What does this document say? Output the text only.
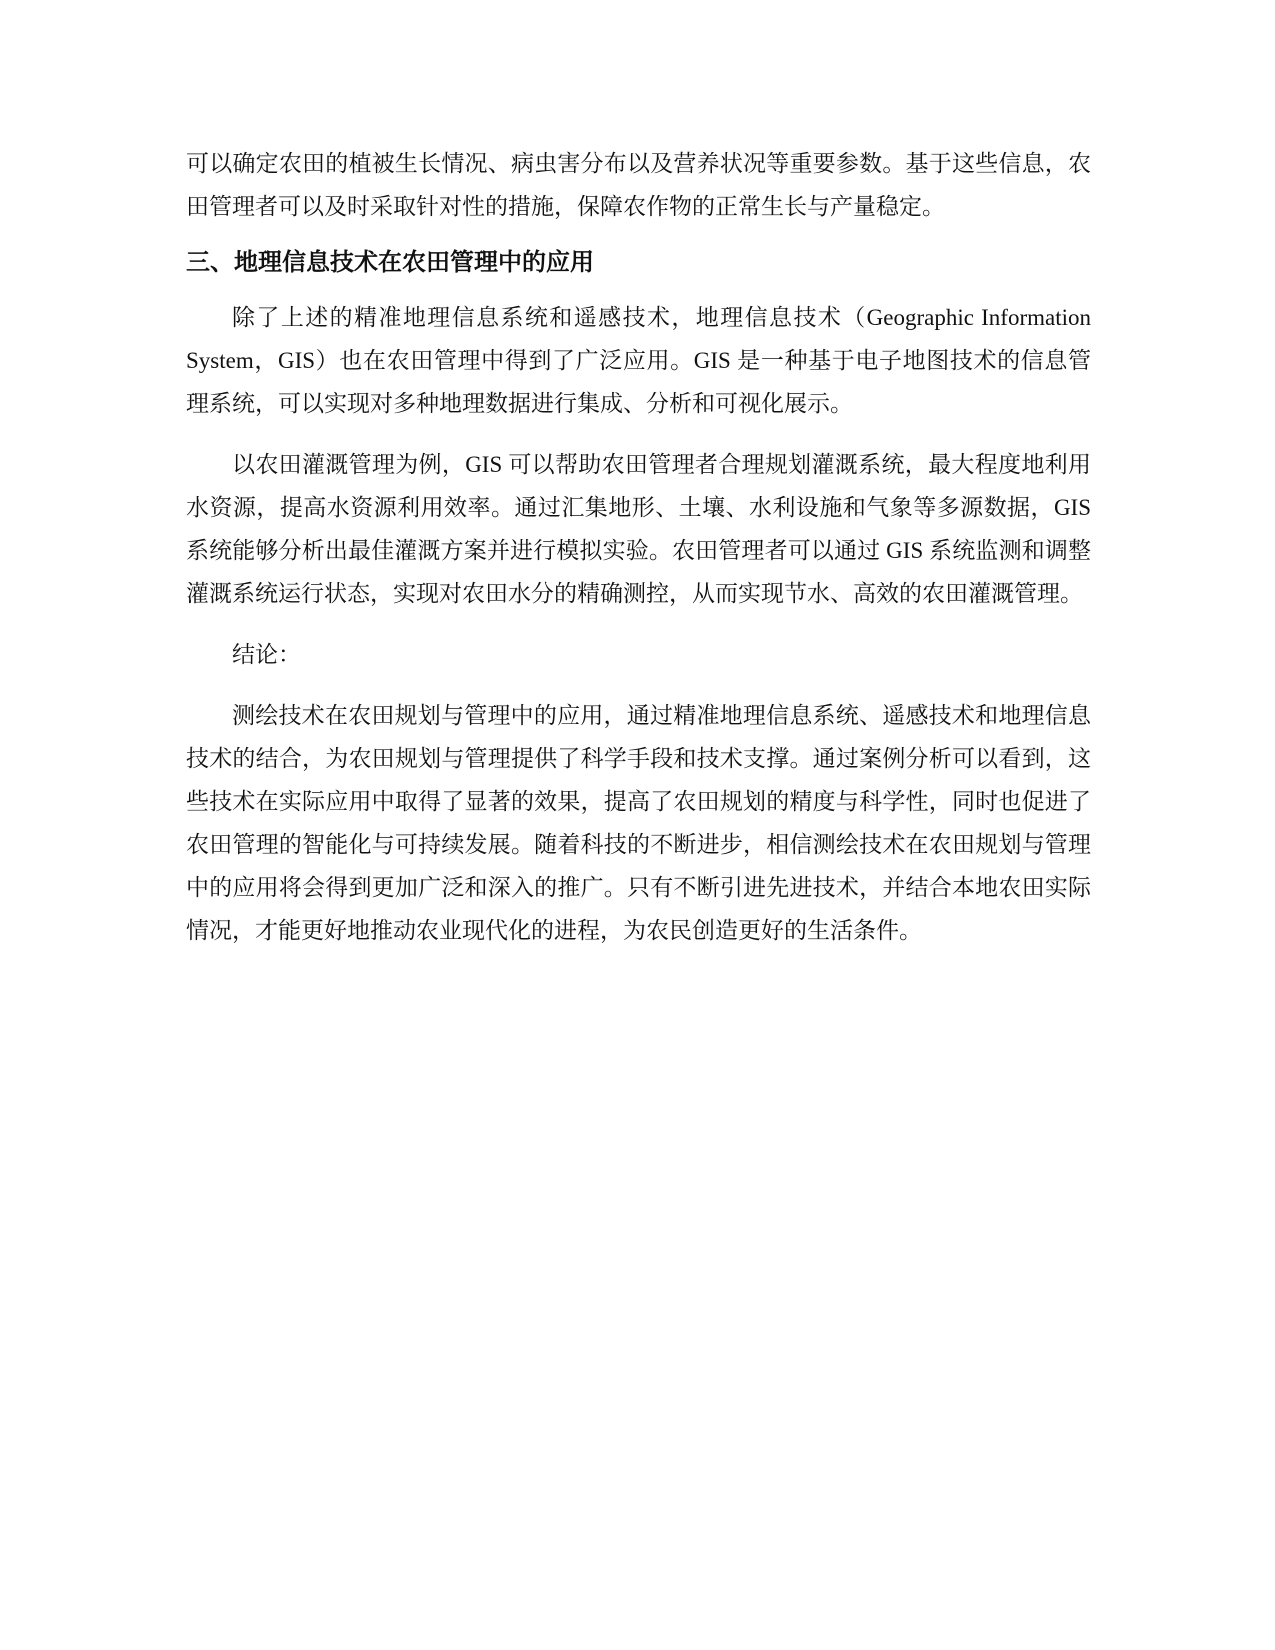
可以确定农田的植被生长情况、病虫害分布以及营养状况等重要参数。基于这些信息，农田管理者可以及时采取针对性的措施，保障农作物的正常生长与产量稳定。

三、地理信息技术在农田管理中的应用

除了上述的精准地理信息系统和遥感技术，地理信息技术（Geographic Information System，GIS）也在农田管理中得到了广泛应用。GIS 是一种基于电子地图技术的信息管理系统，可以实现对多种地理数据进行集成、分析和可视化展示。

以农田灌溉管理为例，GIS 可以帮助农田管理者合理规划灌溉系统，最大程度地利用水资源，提高水资源利用效率。通过汇集地形、土壤、水利设施和气象等多源数据，GIS 系统能够分析出最佳灌溉方案并进行模拟实验。农田管理者可以通过 GIS 系统监测和调整灌溉系统运行状态，实现对农田水分的精确测控，从而实现节水、高效的农田灌溉管理。

结论：

测绘技术在农田规划与管理中的应用，通过精准地理信息系统、遥感技术和地理信息技术的结合，为农田规划与管理提供了科学手段和技术支撑。通过案例分析可以看到，这些技术在实际应用中取得了显著的效果，提高了农田规划的精度与科学性，同时也促进了农田管理的智能化与可持续发展。随着科技的不断进步，相信测绘技术在农田规划与管理中的应用将会得到更加广泛和深入的推广。只有不断引进先进技术，并结合本地农田实际情况，才能更好地推动农业现代化的进程，为农民创造更好的生活条件。
